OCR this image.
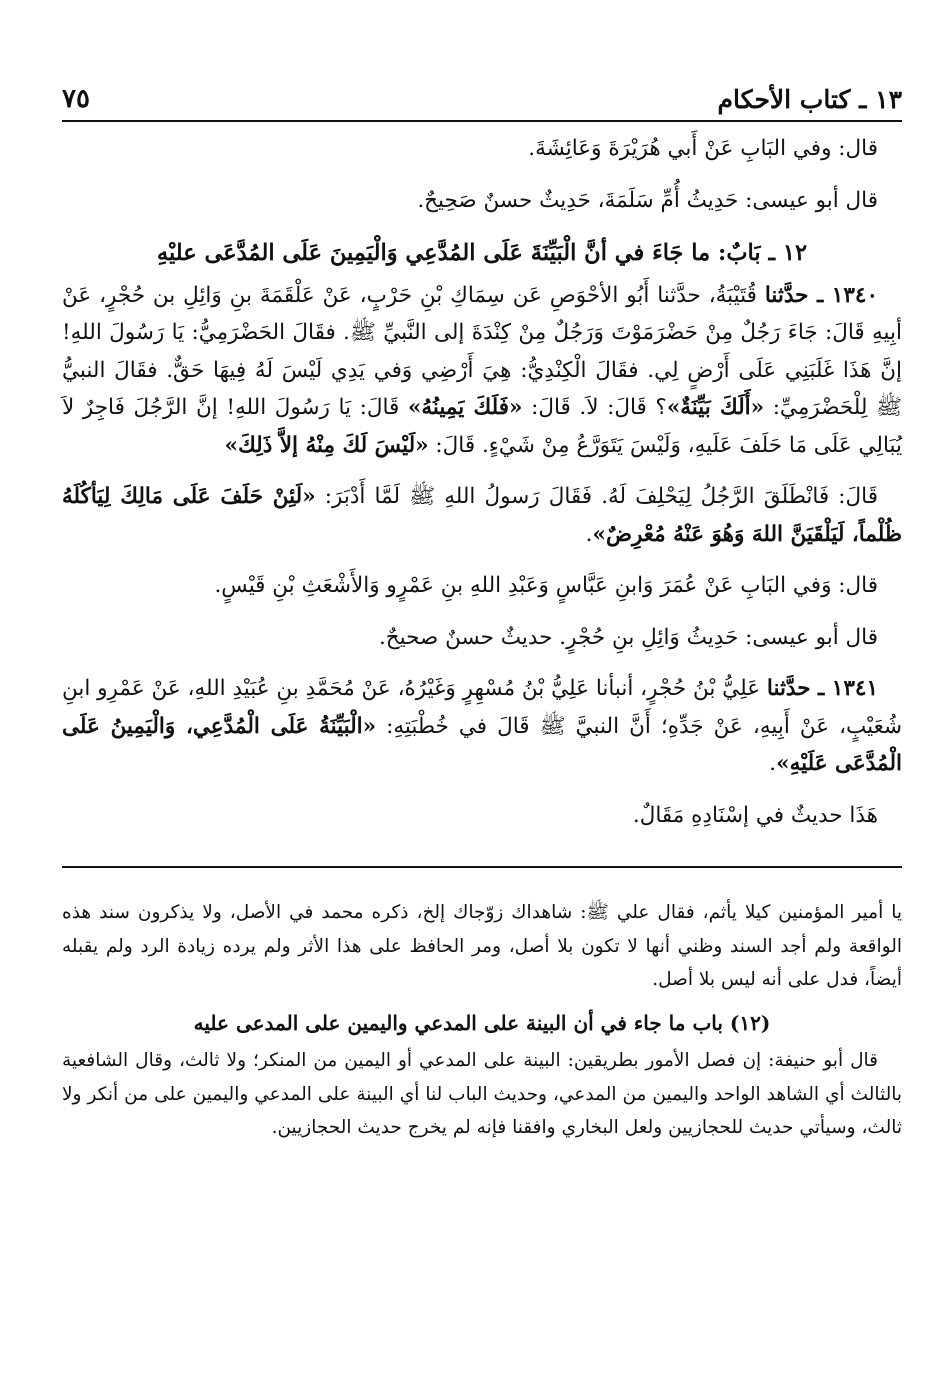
١٣ ـ كتاب الأحكام
٧٥

قال: وفي البَابِ عَنْ أَبي هُرَيْرَةَ وَعَائِشَةَ.

قال أبو عيسى: حَدِيثُ أُمِّ سَلَمَةَ، حَدِيثٌ حسنٌ صَحِيحٌ.

١٢ ـ بَابٌ: ما جَاءَ في أنَّ الْبَيِّنَةَ عَلَى المُدَّعِي وَالْيَمِينَ عَلَى المُدَّعَى عليْهِ

١٣٤٠ ـ حدَّثنا قُتَيْبَةُ، حدَّثنا أَبُو الأحْوَصِ عَن سِمَاكِ بْنِ حَرْبٍ، عَنْ عَلْقَمَةَ بنِ وَائِلِ بن حُجْرٍ، عَنْ أبِيهِ قَالَ: جَاءَ رَجُلٌ مِنْ حَضْرَمَوْتَ وَرَجُلٌ مِنْ كِنْدَةَ إلى النَّبيِّ ﷺ. فقَالَ الحَضْرَمِيُّ: يَا رَسُولَ اللهِ! إنَّ هَذَا غَلَبَنِي عَلَى أَرْضٍ لِي. فقَالَ الْكِنْدِيُّ: هِيَ أَرْضِي وَفي يَدِي لَيْسَ لَهُ فِيهَا حَقٌّ. فقَالَ النبيُّ ﷺ لِلْحَضْرَمِيِّ: «أَلَكَ بَيِّنَةٌ»؟ قَالَ: لاَ. قَالَ: «فَلَكَ يَمِينُهُ» قَالَ: يَا رَسُولَ اللهِ! إنَّ الرَّجُلَ فَاجِرٌ لاَ يُبَالِي عَلَى مَا حَلَفَ عَلَيهِ، وَلَيْسَ يَتَوَرَّعُ مِنْ شَيْءٍ. قَالَ: «لَيْسَ لَكَ مِنْهُ إلاَّ ذَلِكَ»

قَالَ: فَانْطَلَقَ الرَّجُلُ لِيَحْلِفَ لَهُ. فَقَالَ رَسولُ اللهِ ﷺ لَمَّا أَدْبَرَ: «لَئِنْ حَلَفَ عَلَى مَالِكَ لِيَأكُلَهُ ظُلْماً، لَيَلْقَيَنَّ اللهَ وَهُوَ عَنْهُ مُعْرِضٌ».

قال: وَفي البَابِ عَنْ عُمَرَ وَابنِ عَبَّاسٍ وَعَبْدِ اللهِ بنِ عَمْرٍو وَالأَشْعَثِ بْنِ قَيْسٍ.

قال أبو عيسى: حَدِيثُ وَائِلِ بنِ حُجْرٍ. حديثٌ حسنٌ صحيحٌ.

١٣٤١ ـ حدَّثنا عَلِيُّ بْنُ حُجْرٍ، أنبأنا عَلِيُّ بْنُ مُسْهِرٍ وَغَيْرُهُ، عَنْ مُحَمَّدِ بنِ عُبَيْدِ اللهِ، عَنْ عَمْرِو ابنِ شُعَيْبٍ، عَنْ أَبِيهِ، عَنْ جَدِّهِ؛ أَنَّ النبيَّ ﷺ قَالَ في خُطْبَتِهِ: «الْبَيِّنَةُ عَلَى الْمُدَّعِي، وَالْيَمِينُ عَلَى الْمُدَّعَى عَلَيْهِ».

هَذَا حديثٌ في إسْنَادِهِ مَقَالٌ.

يا أمير المؤمنين كيلا يأثم، فقال علي ﷺ: شاهداك زوّجاك إلخ، ذكره محمد في الأصل، ولا يذكرون سند هذه الواقعة ولم أجد السند وظني أنها لا تكون بلا أصل، ومر الحافظ على هذا الأثر ولم يرده زيادة الرد ولم يقبله أيضاً، فدل على أنه ليس بلا أصل.

(١٢) باب ما جاء في أن البينة على المدعي واليمين على المدعى عليه

قال أبو حنيفة: إن فصل الأمور بطريقين: البينة على المدعي أو اليمين من المنكر؛ ولا ثالث، وقال الشافعية بالثالث أي الشاهد الواحد واليمين من المدعي، وحديث الباب لنا أي البينة على المدعي واليمين على من أنكر ولا ثالث، وسيأتي حديث للحجازيين ولعل البخاري وافقنا فإنه لم يخرج حديث الحجازيين.
